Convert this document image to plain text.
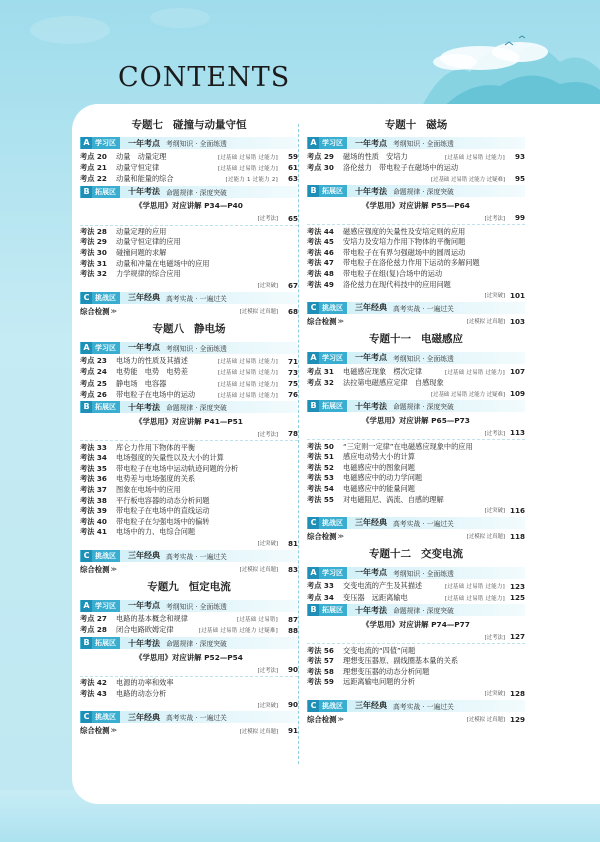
CONTENTS
专题七 碰撞与动量守恒
A 学习区	一年考点 考纲知识 · 全面练透
考点 20	动量　动量定理	[过基础 过易错 过能力]	59
考点 21	动量守恒定律	[过基础 过易错 过能力]	61
考点 22	动量和能量的综合	[过能力 1 过能力 2]	63
B 拓展区	十年考法 命题规律 · 深度突破
《学思用》对应讲解 P34—P40
[过考法]	65
考法 28	动量定理的应用
考法 29	动量守恒定律的应用
考法 30	碰撞问题的求解
考法 31	动量和冲量在电磁场中的应用
考法 32	力学规律的综合应用
[过突破]	67
C 挑战区	三年经典 高考实战 · 一遍过关
综合检测 ≫	[过模拟 过真题]	68
专题八 静电场
A 学习区	一年考点 考纲知识 · 全面练透
考点 23	电场力的性质及其描述	[过基础 过易错 过能力]	71
考点 24	电势能　电势　电势差	[过基础 过易错 过能力]	73
考点 25	静电场　电容器	[过基础 过易错 过能力]	75
考点 26	带电粒子在电场中的运动	[过基础 过易错 过能力]	76
B 拓展区	十年考法 命题规律 · 深度突破
《学思用》对应讲解 P41—P51
[过考法]	78
考法 33	库仑力作用下物体的平衡
考法 34	电场强度的矢量性以及大小的计算
考法 35	带电粒子在电场中运动轨迹问题的分析
考法 36	电势差与电场强度的关系
考法 37	图象在电场中的应用
考法 38	平行板电容器的动态分析问题
考法 39	带电粒子在电场中的直线运动
考法 40	带电粒子在匀强电场中的偏转
考法 41	电场中的力、电综合问题
[过突破]	81
C 挑战区	三年经典 高考实战 · 一遍过关
综合检测 ≫	[过模拟 过真题]	83
专题九 恒定电流
A 学习区	一年考点 考纲知识 · 全面练透
考点 27	电路的基本概念和规律	[过基础 过易错]	87
考点 28	闭合电路欧姆定律	[过基础 过易错 过能力 过疑难]	88
B 拓展区	十年考法 命题规律 · 深度突破
《学思用》对应讲解 P52—P54
[过考法]	90
考法 42	电源的功率和效率
考法 43	电路的动态分析
[过突破]	90
C 挑战区	三年经典 高考实战 · 一遍过关
综合检测 ≫	[过模拟 过真题]	91
专题十 磁场
A 学习区	一年考点 考纲知识 · 全面练透
考点 29	磁场的性质　安培力	[过基础 过易错 过能力]	93
考点 30	洛伦兹力　带电粒子在磁场中的运动
[过基础 过易错 过能力 过疑难]	95
B 拓展区	十年考法 命题规律 · 深度突破
《学思用》对应讲解 P55—P64
[过考法]	99
考法 44	磁感应强度的矢量性及安培定则的应用
考法 45	安培力及安培力作用下物体的平衡问题
考法 46	带电粒子在有界匀强磁场中的圆周运动
考法 47	带电粒子在洛伦兹力作用下运动的多解问题
考法 48	带电粒子在组(复)合场中的运动
考法 49	洛伦兹力在现代科技中的应用问题
[过突破] 101
C 挑战区	三年经典 高考实战 · 一遍过关
综合检测 ≫	[过模拟 过真题] 103
专题十一 电磁感应
A 学习区	一年考点 考纲知识 · 全面练透
考点 31	电磁感应现象　楞次定律	[过基础 过易错 过能力] 107
考点 32	法拉第电磁感应定律　自感现象
[过基础 过易错 过能力 过疑难] 109
B 拓展区	十年考法 命题规律 · 深度突破
《学思用》对应讲解 P65—P73
[过考法] 113
考法 50	“三定则一定律”在电磁感应现象中的应用
考法 51	感应电动势大小的计算
考法 52	电磁感应中的图象问题
考法 53	电磁感应中的动力学问题
考法 54	电磁感应中的能量问题
考法 55	对电磁阻尼、涡流、自感的理解
[过突破] 116
C 挑战区	三年经典 高考实战 · 一遍过关
综合检测 ≫	[过模拟 过真题] 118
专题十二 交变电流
A 学习区	一年考点 考纲知识 · 全面练透
考点 33	交变电流的产生及其描述	[过基础 过易错 过能力] 123
考点 34	变压器　远距离输电	[过基础 过易错 过能力] 125
B 拓展区	十年考法 命题规律 · 深度突破
《学思用》对应讲解 P74—P77
[过考法] 127
考法 56	交变电流的“四值”问题
考法 57	理想变压器原、副线圈基本量的关系
考法 58	理想变压器的动态分析问题
考法 59	远距离输电问题的分析
[过突破] 128
C 挑战区	三年经典 高考实战 · 一遍过关
综合检测 ≫	[过模拟 过真题] 129
